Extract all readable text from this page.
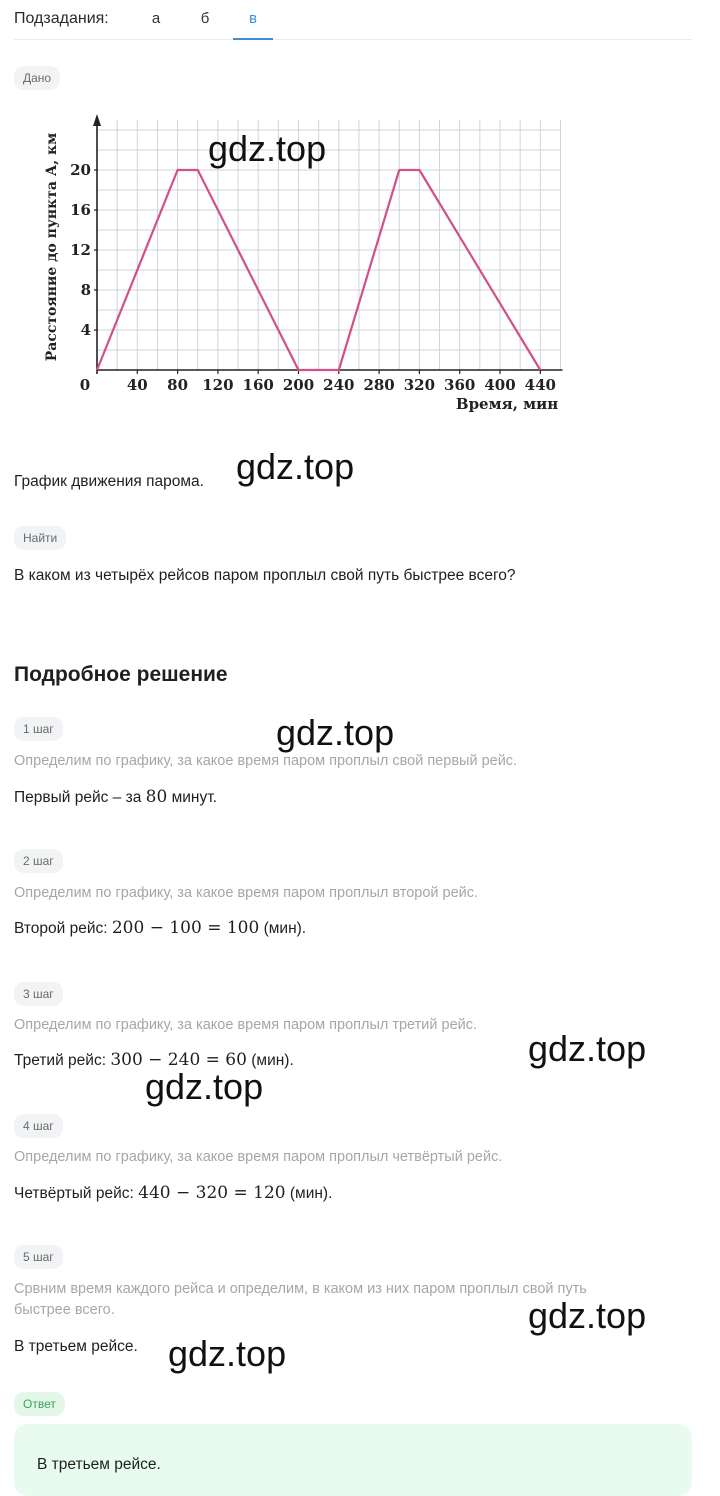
Подзадания:	а	б	в
Дано
0 40 80 120 160 200 240 280 320 360 400 440
4
8
12
16
20
Время, мин
Расстояние до пункта А, км
График движения парома.
Найти
В каком из четырёх рейсов паром проплыл свой путь быстрее всего?
Подробное решение
1 шаг
Определим по графику, за какое время паром проплыл свой первый рейс.
Первый рейс – за 80 минут.
2 шаг
Определим по графику, за какое время паром проплыл второй рейс.
Второй рейс: 200 − 100 = 100 (мин).
3 шаг
Определим по графику, за какое время паром проплыл третий рейс.
Третий рейс: 300 − 240 = 60 (мин).
4 шаг
Определим по графику, за какое время паром проплыл четвёртый рейс.
Четвёртый рейс: 440 − 320 = 120 (мин).
5 шаг
Срвним время каждого рейса и определим, в каком из них паром проплыл свой путь
быстрее всего.
В третьем рейсе.
Ответ
В третьем рейсе.
gdz.top
gdz.top
gdz.top
gdz.top
gdz.top
gdz.top
gdz.top
